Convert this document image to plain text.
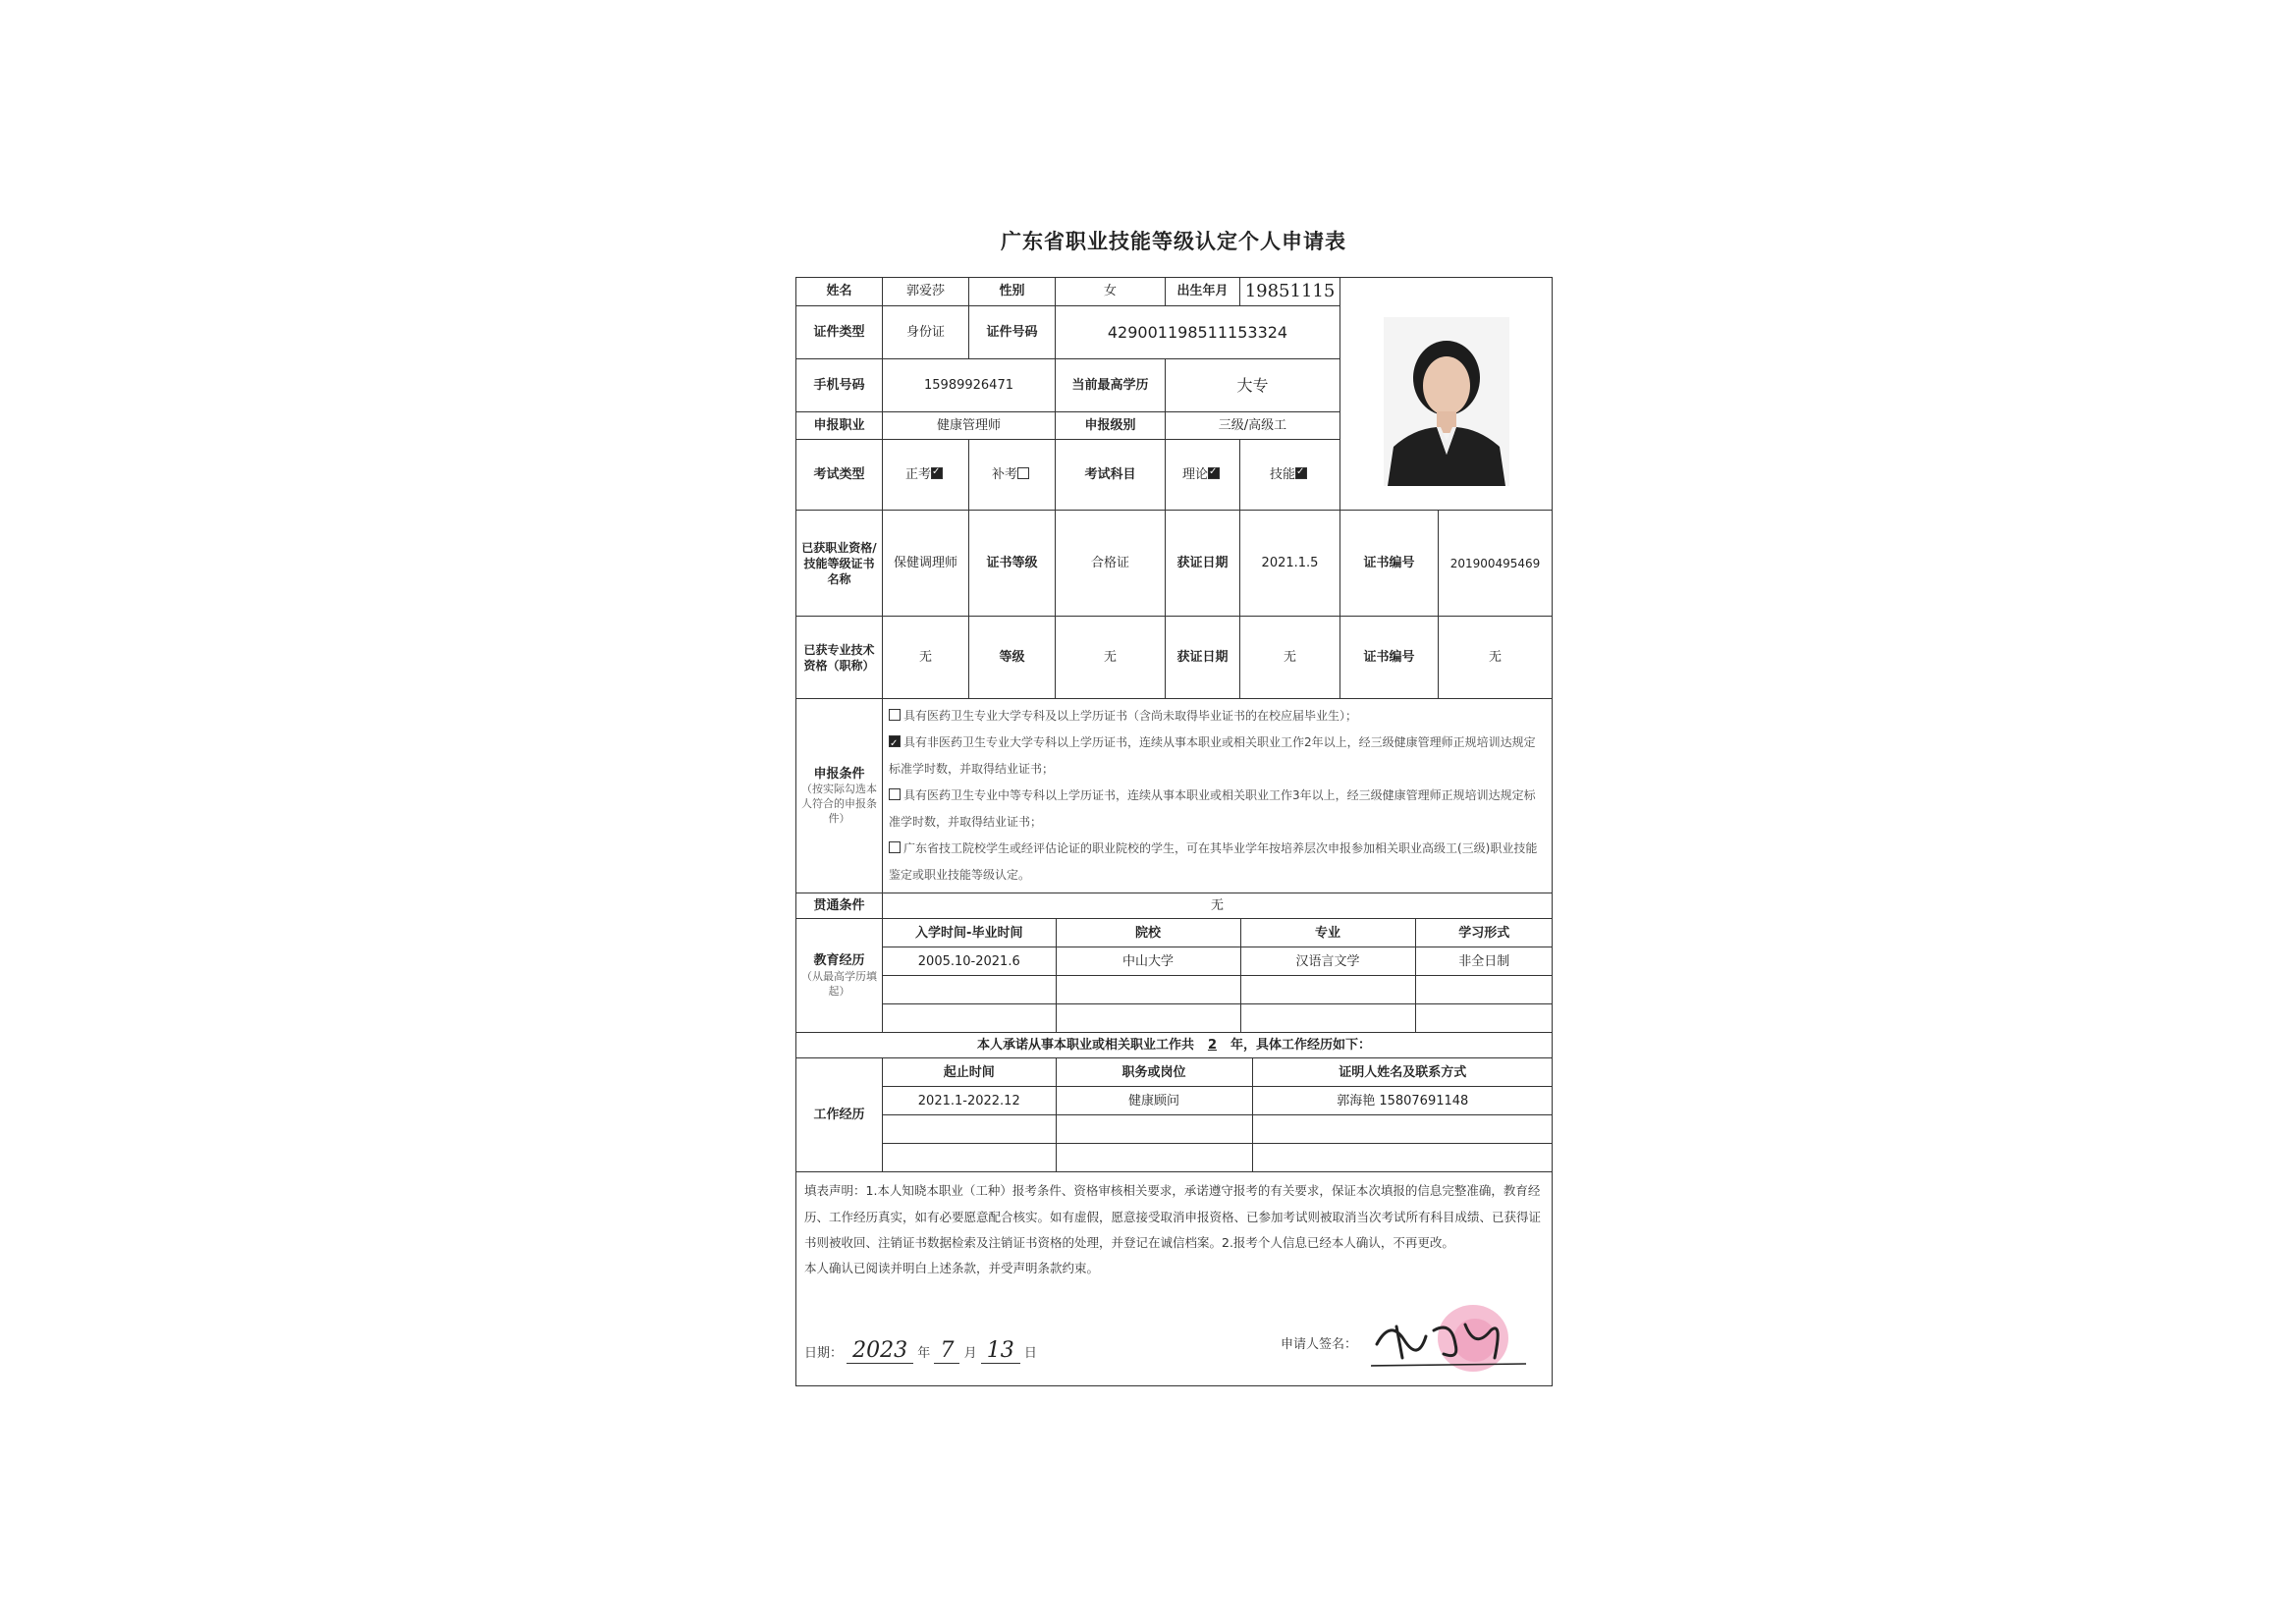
广东省职业技能等级认定个人申请表
姓名	郭爱莎	性别	女	出生年月	19851115	

证件类型	身份证	证件号码	429001198511153324
手机号码	15989926471	当前最高学历	大专
申报职业	健康管理师	申报级别	三级/高级工
考试类型	正考✓	补考	考试科目	理论✓	技能✓
已获职业资格/技能等级证书名称	保健调理师	证书等级	合格证	获证日期	2021.1.5	证书编号	201900495469
已获专业技术资格（职称）	无	等级	无	获证日期	无	证书编号	无

申报条件
（按实际勾选本人符合的申报条件）

具有医药卫生专业大学专科及以上学历证书（含尚未取得毕业证书的在校应届毕业生）；
✓具有非医药卫生专业大学专科以上学历证书，连续从事本职业或相关职业工作2年以上，经三级健康管理师正规培训达规定标准学时数，并取得结业证书；
具有医药卫生专业中等专科以上学历证书，连续从事本职业或相关职业工作3年以上，经三级健康管理师正规培训达规定标准学时数，并取得结业证书；
广东省技工院校学生或经评估论证的职业院校的学生，可在其毕业学年按培养层次申报参加相关职业高级工(三级)职业技能鉴定或职业技能等级认定。

贯通条件	无

教育经历
（从最高学历填起）

入学时间-毕业时间	院校	专业	学习形式
2005.10-2021.6	中山大学	汉语言文学	非全日制

本人承诺从事本职业或相关职业工作共 2 年，具体工作经历如下：
工作经历	
起止时间	职务或岗位	证明人姓名及联系方式
2021.1-2022.12	健康顾问	郭海艳 15807691148

填表声明：1.本人知晓本职业（工种）报考条件、资格审核相关要求，承诺遵守报考的有关要求，保证本次填报的信息完整准确，教育经历、工作经历真实，如有必要愿意配合核实。如有虚假，愿意接受取消申报资格、已参加考试则被取消当次考试所有科目成绩、已获得证书则被收回、注销证书数据检索及注销证书资格的处理，并登记在诚信档案。2.报考个人信息已经本人确认，不再更改。
本人确认已阅读并明白上述条款，并受声明条款约束。
日期： 2023 年 7 月 13 日
申请人签名：
